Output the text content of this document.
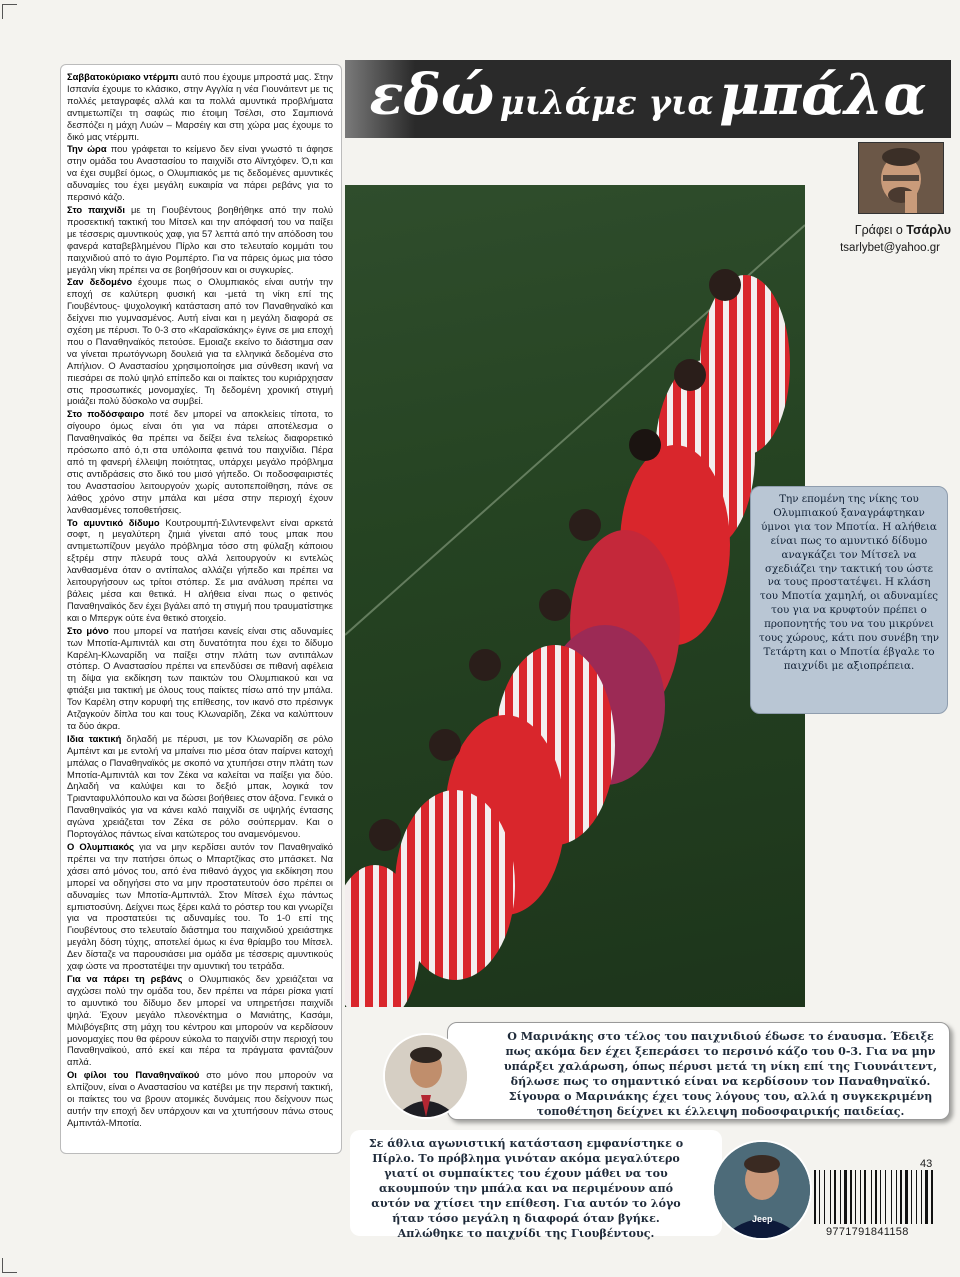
Σαββατοκύριακο ντέρμπι αυτό που έχουμε μπροστά μας. Στην Ισπανία έχουμε το κλάσικο, στην Αγγλία η νέα Γιουνάιτεντ με τις πολλές μεταγραφές αλλά και τα πολλά αμυντικά προβλήματα αντιμετωπίζει τη σαφώς πιο έτοιμη Τσέλσι, στο Σαμπιονά δεσπόζει η μάχη Λυών – Μαρσέιγ και στη χώρα μας έχουμε το δικό μας ντέρμπι.

Την ώρα που γράφεται το κείμενο δεν είναι γνωστό τι άφησε στην ομάδα του Αναστασίου το παιχνίδι στο Αϊντχόφεν. Ό,τι και να έχει συμβεί όμως, ο Ολυμπιακός με τις δεδομένες αμυντικές αδυναμίες του έχει μεγάλη ευκαιρία να πάρει ρεβάνς για το περσινό κάζο.

Στο παιχνίδι με τη Γιουβέντους βοηθήθηκε από την πολύ προσεκτική τακτική του Μίτσελ και την απόφασή του να παίξει με τέσσερις αμυντικούς χαφ, για 57 λεπτά από την απόδοση του φανερά καταβεβλημένου Πίρλο και στο τελευταίο κομμάτι του παιχνιδιού από το άγιο Ρομπέρτο. Για να πάρεις όμως μια τόσο μεγάλη νίκη πρέπει να σε βοηθήσουν και οι συγκυρίες.

Σαν δεδομένο έχουμε πως ο Ολυμπιακός είναι αυτήν την εποχή σε καλύτερη φυσική και -μετά τη νίκη επί της Γιουβέντους- ψυχολογική κατάσταση από τον Παναθηναϊκό και δείχνει πιο γυμνασμένος. Αυτή είναι και η μεγάλη διαφορά σε σχέση με πέρυσι. Το 0-3 στο «Καραϊσκάκης» έγινε σε μια εποχή που ο Παναθηναϊκός πετούσε. Εμοιαζε εκείνο το διάστημα σαν να γίνεται πρωτόγνωρη δουλειά για τα ελληνικά δεδομένα στο Απήλιον. Ο Αναστασίου χρησιμοποίησε μια σύνθεση ικανή να πιεσάρει σε πολύ ψηλό επίπεδο και οι παίκτες του κυριάρχησαν στις προσωπικές μονομαχίες. Τη δεδομένη χρονική στιγμή μοιάζει πολύ δύσκολο να συμβεί.

Στο ποδόσφαιρο ποτέ δεν μπορεί να αποκλείεις τίποτα, το σίγουρο όμως είναι ότι για να πάρει αποτέλεσμα ο Παναθηναϊκός θα πρέπει να δείξει ένα τελείως διαφορετικό πρόσωπο από ό,τι στα υπόλοιπα φετινά του παιχνίδια. Πέρα από τη φανερή έλλειψη ποιότητας, υπάρχει μεγάλο πρόβλημα στις αντιδράσεις στο δικό του μισό γήπεδο. Οι ποδοσφαιριστές του Αναστασίου λειτουργούν χωρίς αυτοπεποίθηση, πάνε σε λάθος χρόνο στην μπάλα και μέσα στην περιοχή έχουν λανθασμένες τοποθετήσεις.

Το αμυντικό δίδυμο Κουτρουμπή-Σιλντενφελντ είναι αρκετά σοφτ, η μεγαλύτερη ζημιά γίνεται από τους μπακ που αντιμετωπίζουν μεγάλο πρόβλημα τόσο στη φύλαξη κάποιου εξτρέμ στην πλευρά τους αλλά λειτουργούν κι εντελώς λανθασμένα όταν ο αντίπαλος αλλάζει γήπεδο και πρέπει να λειτουργήσουν ως τρίτοι στόπερ. Σε μια ανάλυση πρέπει να βάλεις μέσα και θετικά. Η αλήθεια είναι πως ο φετινός Παναθηναϊκός δεν έχει βγάλει από τη στιγμή που τραυματίστηκε και ο Μπεργκ ούτε ένα θετικό στοιχείο.

Στο μόνο που μπορεί να πατήσει κανείς είναι στις αδυναμίες των Μποτία-Αμπιντάλ και στη δυνατότητα που έχει το δίδυμο Καρέλη-Κλωναρίδη να παίξει στην πλάτη των αντιπάλων στόπερ. Ο Αναστασίου πρέπει να επενδύσει σε πιθανή αφέλεια τη δίψα για εκδίκηση των παικτών του Ολυμπιακού και να φτιάξει μια τακτική με όλους τους παίκτες πίσω από την μπάλα. Τον Καρέλη στην κορυφή της επίθεσης, τον ικανό στο πρέσινγκ Ατζαγκούν δίπλα του και τους Κλωναρίδη, Ζέκα να καλύπτουν τα δύο άκρα.

Ιδια τακτική δηλαδή με πέρυσι, με τον Κλωναρίδη σε ρόλο Αμπέιντ και με εντολή να μπαίνει πιο μέσα όταν παίρνει κατοχή μπάλας ο Παναθηναϊκός με σκοπό να χτυπήσει στην πλάτη των Μποτία-Αμπιντάλ και τον Ζέκα να καλείται να παίξει για δύο. Δηλαδή να καλύψει και το δεξιό μπακ, λογικά τον Τριανταφυλλόπουλο και να δώσει βοήθειες στον άξονα. Γενικά ο Παναθηναϊκός για να κάνει καλό παιχνίδι σε υψηλής έντασης αγώνα χρειάζεται τον Ζέκα σε ρόλο σούπερμαν. Και ο Πορτογάλος πάντως είναι κατώτερος του αναμενόμενου.

Ο Ολυμπιακός για να μην κερδίσει αυτόν τον Παναθηναϊκό πρέπει να την πατήσει όπως ο Μπαρτζίκας στο μπάσκετ. Να χάσει από μόνος του, από ένα πιθανό άγχος για εκδίκηση που μπορεί να οδηγήσει στο να μην προστατευτούν όσο πρέπει οι αδυναμίες των Μποτία-Αμπιντάλ. Στον Μίτσελ έχω πάντως εμπιστοσύνη. Δείχνει πως ξέρει καλά το ρόστερ του και γνωρίζει για να προστατεύει τις αδυναμίες του. Το 1-0 επί της Γιουβέντους στο τελευταίο διάστημα του παιχνιδιού χρειάστηκε μεγάλη δόση τύχης, αποτελεί όμως κι ένα θρίαμβο του Μίτσελ. Δεν δίσταζε να παρουσιάσει μια ομάδα με τέσσερις αμυντικούς χαφ ώστε να προστατέψει την αμυντική του τετράδα.

Για να πάρει τη ρεβάνς ο Ολυμπιακός δεν χρειάζεται να αγχώσει πολύ την ομάδα του, δεν πρέπει να πάρει ρίσκα γιατί το αμυντικό του δίδυμο δεν μπορεί να υπηρετήσει παιχνίδι ψηλά. Έχουν μεγάλο πλεονέκτημα ο Μανιάτης, Κασάμι, Μιλιβόγεβιτς στη μάχη του κέντρου και μπορούν να κερδίσουν μονομαχίες που θα φέρουν εύκολα το παιχνίδι στην περιοχή του Παναθηναϊκού, από εκεί και πέρα τα πράγματα φαντάζουν απλά.

Οι φίλοι του Παναθηναϊκού στο μόνο που μπορούν να ελπίζουν, είναι ο Αναστασίου να κατέβει με την περσινή τακτική, οι παίκτες του να βρουν ατομικές δυνάμεις που δείχνουν πως αυτήν την εποχή δεν υπάρχουν και να χτυπήσουν πάνω στους Αμπιντάλ-Μποτία.

εδώ μιλάμε για μπάλα
Γράφει ο Τσάρλυ
tsarlybet@yahoo.gr
Την επομένη της νίκης του Ολυμπιακού ξαναγράφτηκαν ύμνοι για τον Μποτία. Η αλήθεια είναι πως το αμυντικό δίδυμο αναγκάζει τον Μίτσελ να σχεδιάζει την τακτική του ώστε να τους προστατέψει. Η κλάση του Μποτία χαμηλή, οι αδυναμίες του για να κρυφτούν πρέπει ο προπονητής του να του μικρύνει τους χώρους, κάτι που συνέβη την Τετάρτη και ο Μποτία έβγαλε το παιχνίδι με αξιοπρέπεια.
Ο Μαρινάκης στο τέλος του παιχνιδιού έδωσε το έναυσμα. Έδειξε πως ακόμα δεν έχει ξεπεράσει το περσινό κάζο του 0-3. Για να μην υπάρξει χαλάρωση, όπως πέρυσι μετά τη νίκη επί της Γιουνάιτεντ, δήλωσε πως το σημαντικό είναι να κερδίσουν τον Παναθηναϊκό. Σίγουρα ο Μαρινάκης έχει τους λόγους του, αλλά η συγκεκριμένη τοποθέτηση δείχνει κι έλλειψη ποδοσφαιρικής παιδείας.
Σε άθλια αγωνιστική κατάσταση εμφανίστηκε ο Πίρλο. Το πρόβλημα γινόταν ακόμα μεγαλύτερο γιατί οι συμπαίκτες του έχουν μάθει να του ακουμπούν την μπάλα και να περιμένουν από αυτόν να χτίσει την επίθεση. Για αυτόν το λόγο ήταν τόσο μεγάλη η διαφορά όταν βγήκε. Απλώθηκε το παιχνίδι της Γιουβέντους.
Jeep
43
9771791841158
